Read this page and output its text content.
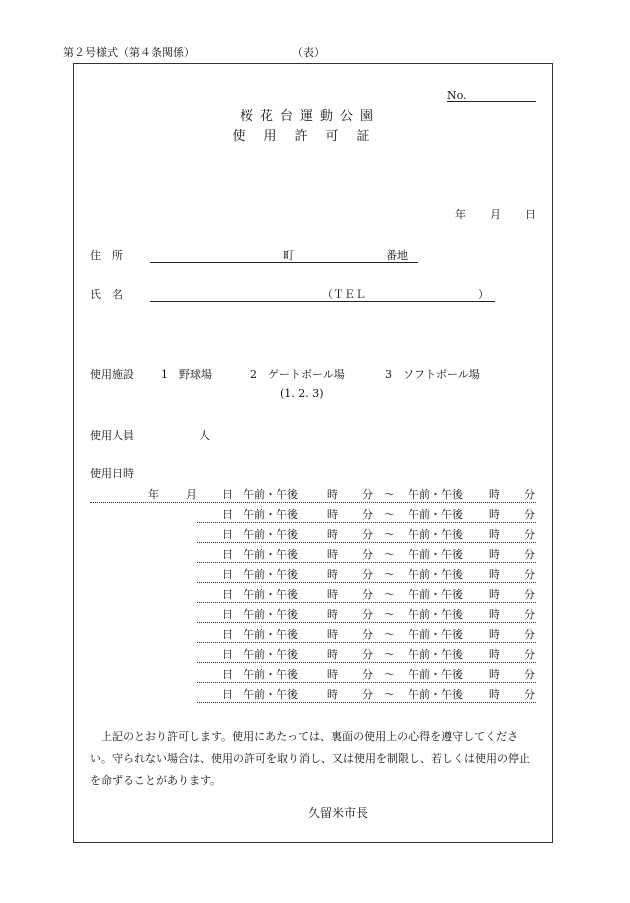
第２号様式（第４条関係）	（表）
No.
桜花台運動公園
使用許可証
年 月 日
住　所	町	番地
氏　名	（ＴＥＬ	）
使用施設 1　野球場	2　ゲートボール場	3　ソフトボール場
(1. 2. 3)
使用人員	人
使用日時
年 月 日 午前・午後	時 分 ～ 午前・午後 時 分
日 午前・午後	時 分 ～ 午前・午後 時 分
日 午前・午後	時 分 ～ 午前・午後 時 分
日 午前・午後	時 分 ～ 午前・午後 時 分
日 午前・午後	時 分 ～ 午前・午後 時 分
日 午前・午後	時 分 ～ 午前・午後 時 分
日 午前・午後	時 分 ～ 午前・午後 時 分
日 午前・午後	時 分 ～ 午前・午後 時 分
日 午前・午後	時 分 ～ 午前・午後 時 分
日 午前・午後	時 分 ～ 午前・午後 時 分
日 午前・午後	時 分 ～ 午前・午後 時 分
上記のとおり許可します。使用にあたっては、裏面の使用上の心得を遵守してください。守られない場合は、使用の許可を取り消し、又は使用を制限し、若しくは使用の停止を命ずることがあります。
久留米市長
